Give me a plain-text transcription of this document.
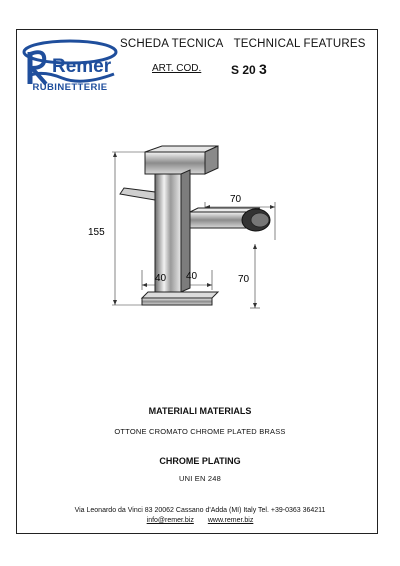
Remer
RUBINETTERIE
SCHEDA TECNICA TECHNICAL FEATURES
ART. COD. S 20 3
155
70
70
40 40
MATERIALI MATERIALS
OTTONE CROMATO CHROME PLATED BRASS
CHROME PLATING
UNI EN 248
Via Leonardo da Vinci 83 20062 Cassano d'Adda (MI) Italy Tel. +39-0363 364211
info@remer.biz www.remer.biz
